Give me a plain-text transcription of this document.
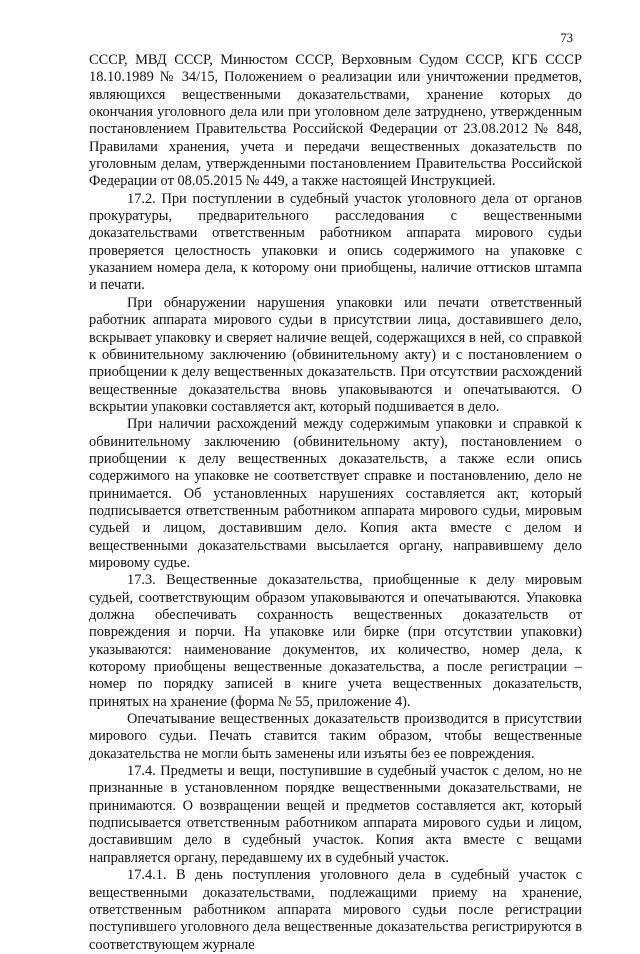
73

СССР, МВД СССР, Минюстом СССР, Верховным Судом СССР, КГБ СССР 18.10.1989 № 34/15, Положением о реализации или уничтожении предметов, являющихся вещественными доказательствами, хранение которых до окончания уголовного дела или при уголовном деле затруднено, утвержденным постановлением Правительства Российской Федерации от 23.08.2012 № 848, Правилами хранения, учета и передачи вещественных доказательств по уголовным делам, утвержденными постановлением Правительства Российской Федерации от 08.05.2015 № 449, а также настоящей Инструкцией.

17.2. При поступлении в судебный участок уголовного дела от органов прокуратуры, предварительного расследования с вещественными доказательствами ответственным работником аппарата мирового судьи проверяется целостность упаковки и опись содержимого на упаковке с указанием номера дела, к которому они приобщены, наличие оттисков штампа и печати.

При обнаружении нарушения упаковки или печати ответственный работник аппарата мирового судьи в присутствии лица, доставившего дело, вскрывает упаковку и сверяет наличие вещей, содержащихся в ней, со справкой к обвинительному заключению (обвинительному акту) и с постановлением о приобщении к делу вещественных доказательств. При отсутствии расхождений вещественные доказательства вновь упаковываются и опечатываются. О вскрытии упаковки составляется акт, который подшивается в дело.

При наличии расхождений между содержимым упаковки и справкой к обвинительному заключению (обвинительному акту), постановлением о приобщении к делу вещественных доказательств, а также если опись содержимого на упаковке не соответствует справке и постановлению, дело не принимается. Об установленных нарушениях составляется акт, который подписывается ответственным работником аппарата мирового судьи, мировым судьей и лицом, доставившим дело. Копия акта вместе с делом и вещественными доказательствами высылается органу, направившему дело мировому судье.

17.3. Вещественные доказательства, приобщенные к делу мировым судьей, соответствующим образом упаковываются и опечатываются. Упаковка должна обеспечивать сохранность вещественных доказательств от повреждения и порчи. На упаковке или бирке (при отсутствии упаковки) указываются: наименование документов, их количество, номер дела, к которому приобщены вещественные доказательства, а после регистрации – номер по порядку записей в книге учета вещественных доказательств, принятых на хранение (форма № 55, приложение 4).

Опечатывание вещественных доказательств производится в присутствии мирового судьи. Печать ставится таким образом, чтобы вещественные доказательства не могли быть заменены или изъяты без ее повреждения.

17.4. Предметы и вещи, поступившие в судебный участок с делом, но не признанные в установленном порядке вещественными доказательствами, не принимаются. О возвращении вещей и предметов составляется акт, который подписывается ответственным работником аппарата мирового судьи и лицом, доставившим дело в судебный участок. Копия акта вместе с вещами направляется органу, передавшему их в судебный участок.

17.4.1. В день поступления уголовного дела в судебный участок с вещественными доказательствами, подлежащими приему на хранение, ответственным работником аппарата мирового судьи после регистрации поступившего уголовного дела вещественные доказательства регистрируются в соответствующем журнале
